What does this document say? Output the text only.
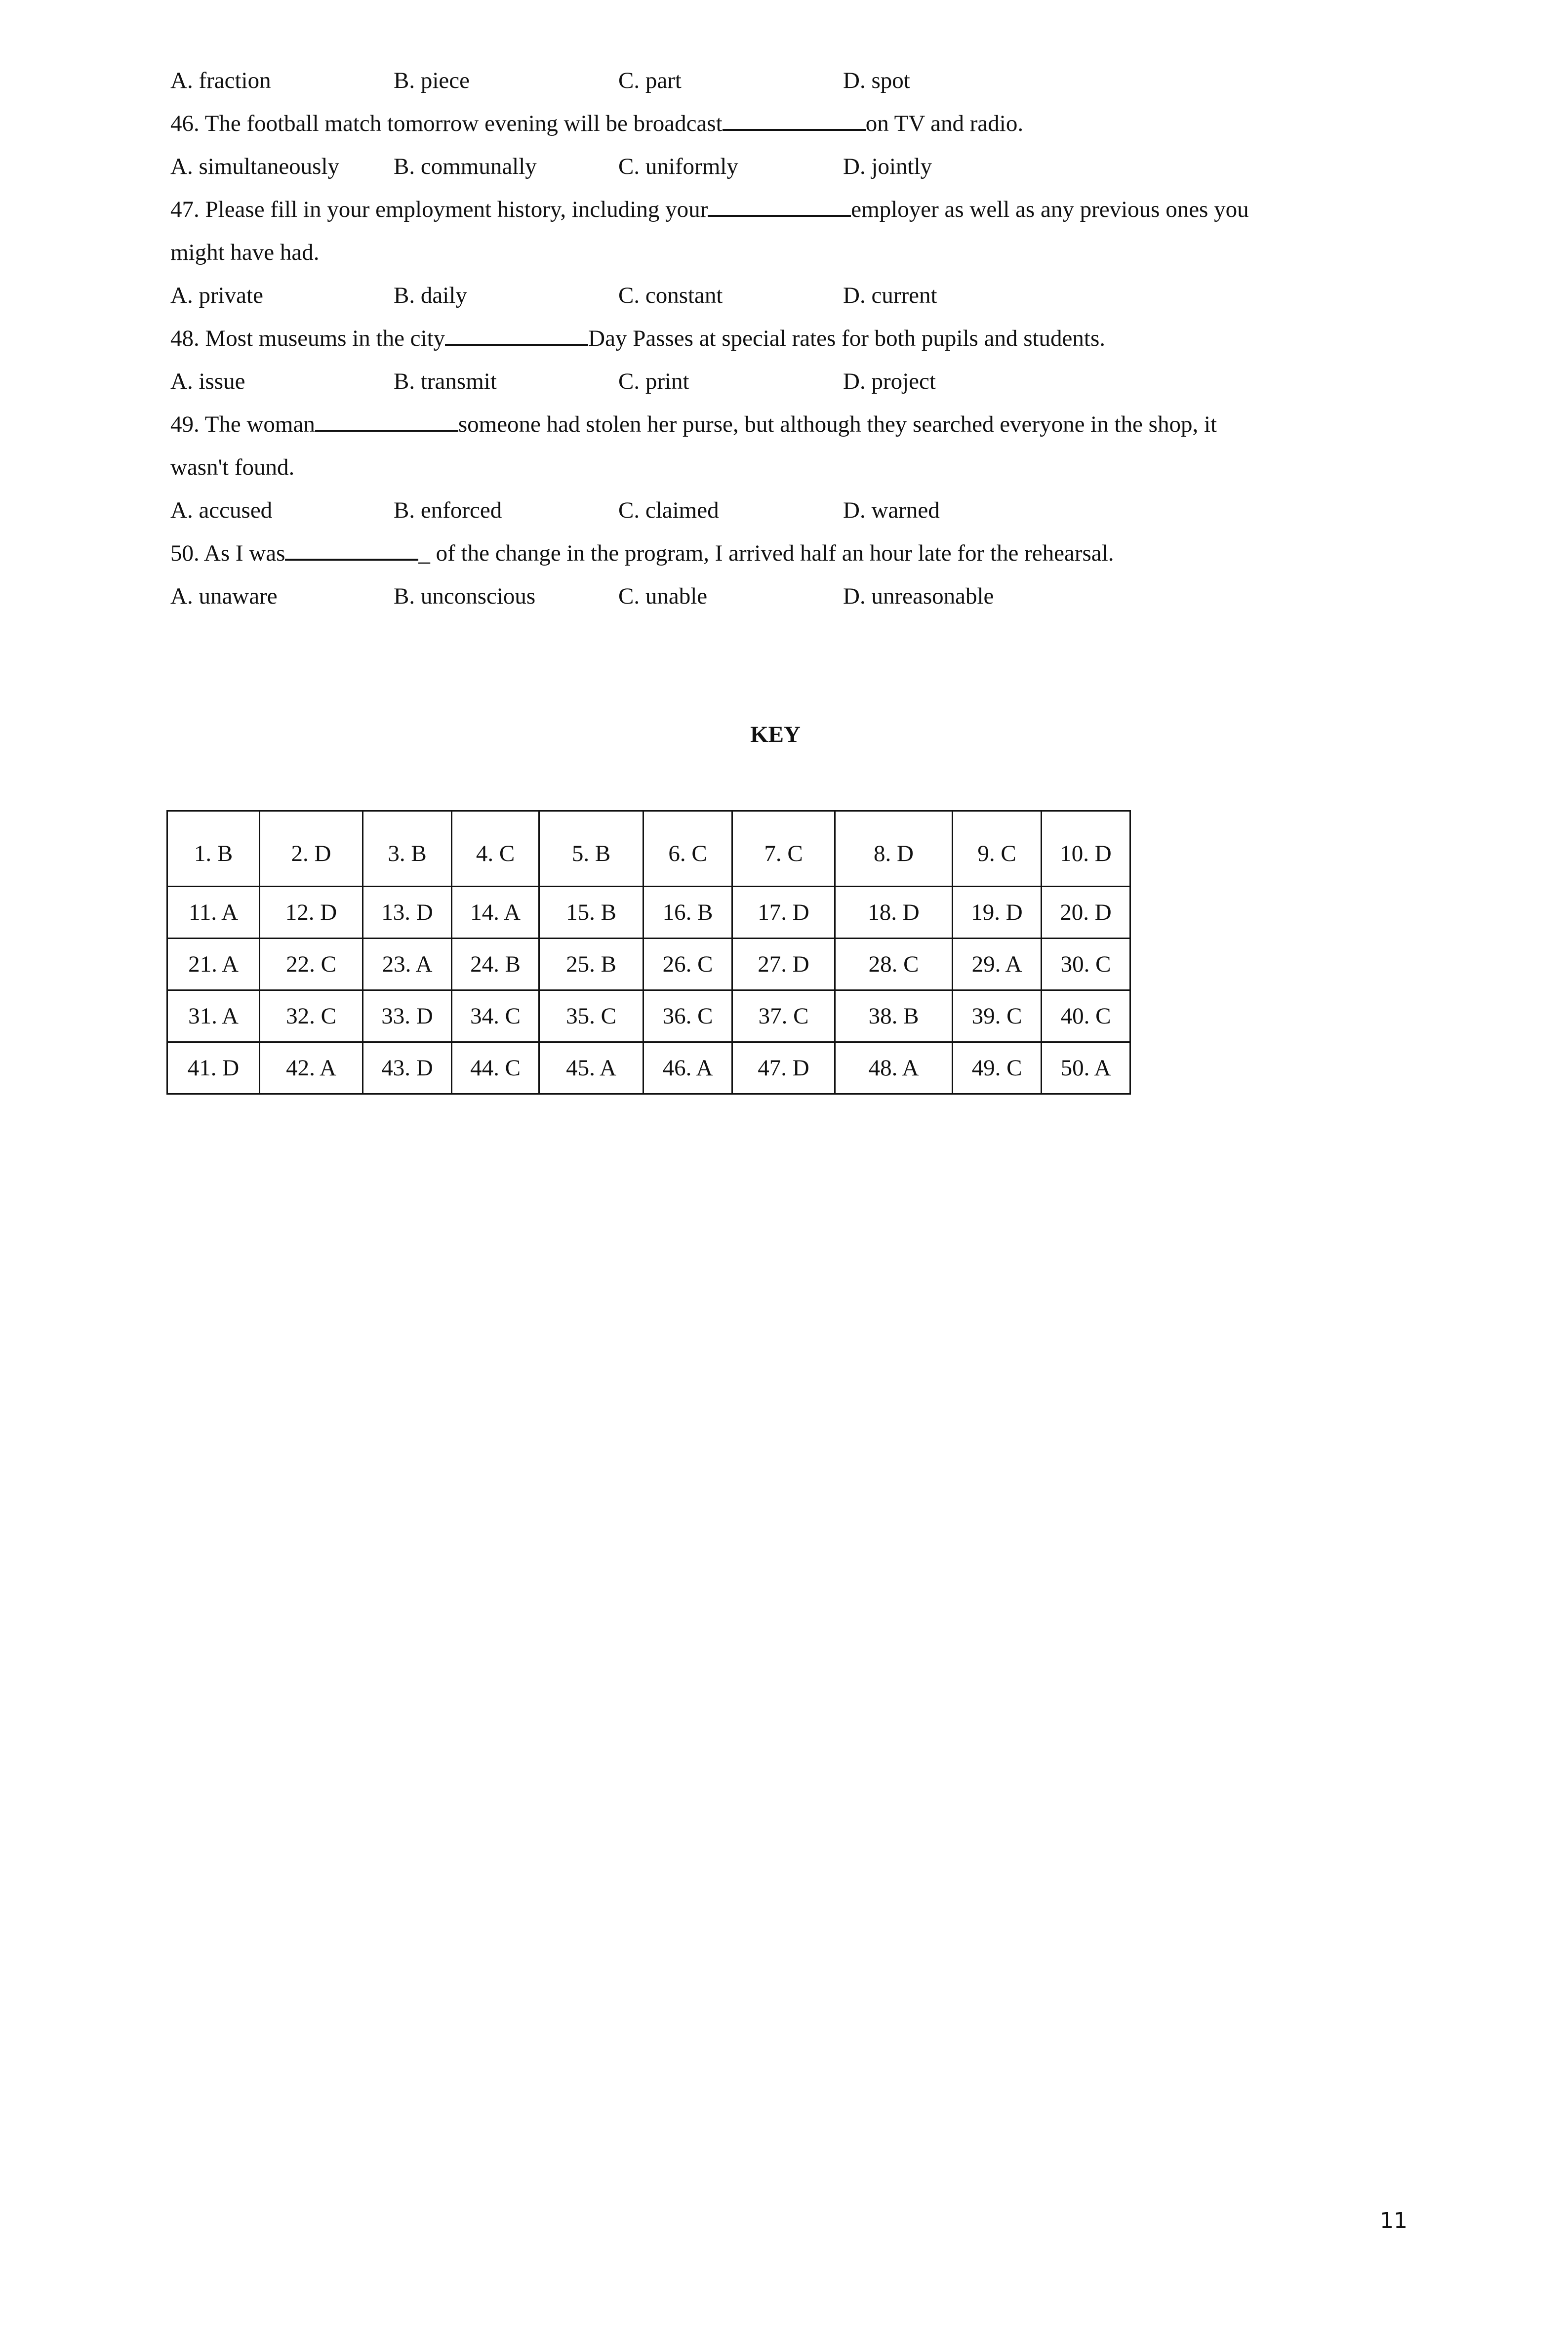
A. fraction	B. piece	C. part	D. spot
46. The football match tomorrow evening will be broadcast	on TV and radio.
A. simultaneously B. communally	C. uniformly	D. jointly
47. Please fill in your employment history, including your	employer as well as any previous ones you
might have had.
A. private	B. daily	C. constant	D. current
48. Most museums in the city	Day Passes at special rates for both pupils and students.
A. issue	B. transmit	C. print	D. project
49. The woman	someone had stolen her purse, but although they searched everyone in the shop, it
wasn't found.
A. accused	B. enforced	C. claimed	D. warned
50. As I was	_ of the change in the program, I arrived half an hour late for the rehearsal.
A. unaware	B. unconscious	C. unable	D. unreasonable
KEY
1. B	2. D	3. B	4. C	5. B	6. C	7. C	8. D	9. C	10. D
11. A	12. D	13. D	14. A	15. B	16. B	17. D	18. D	19. D	20. D
21. A	22. C	23. A	24. B	25. B	26. C	27. D	28. C	29. A	30. C
31. A	32. C	33. D	34. C	35. C	36. C	37. C	38. B	39. C	40. C
41. D	42. A	43. D	44. C	45. A	46. A	47. D	48. A	49. C	50. A
11
